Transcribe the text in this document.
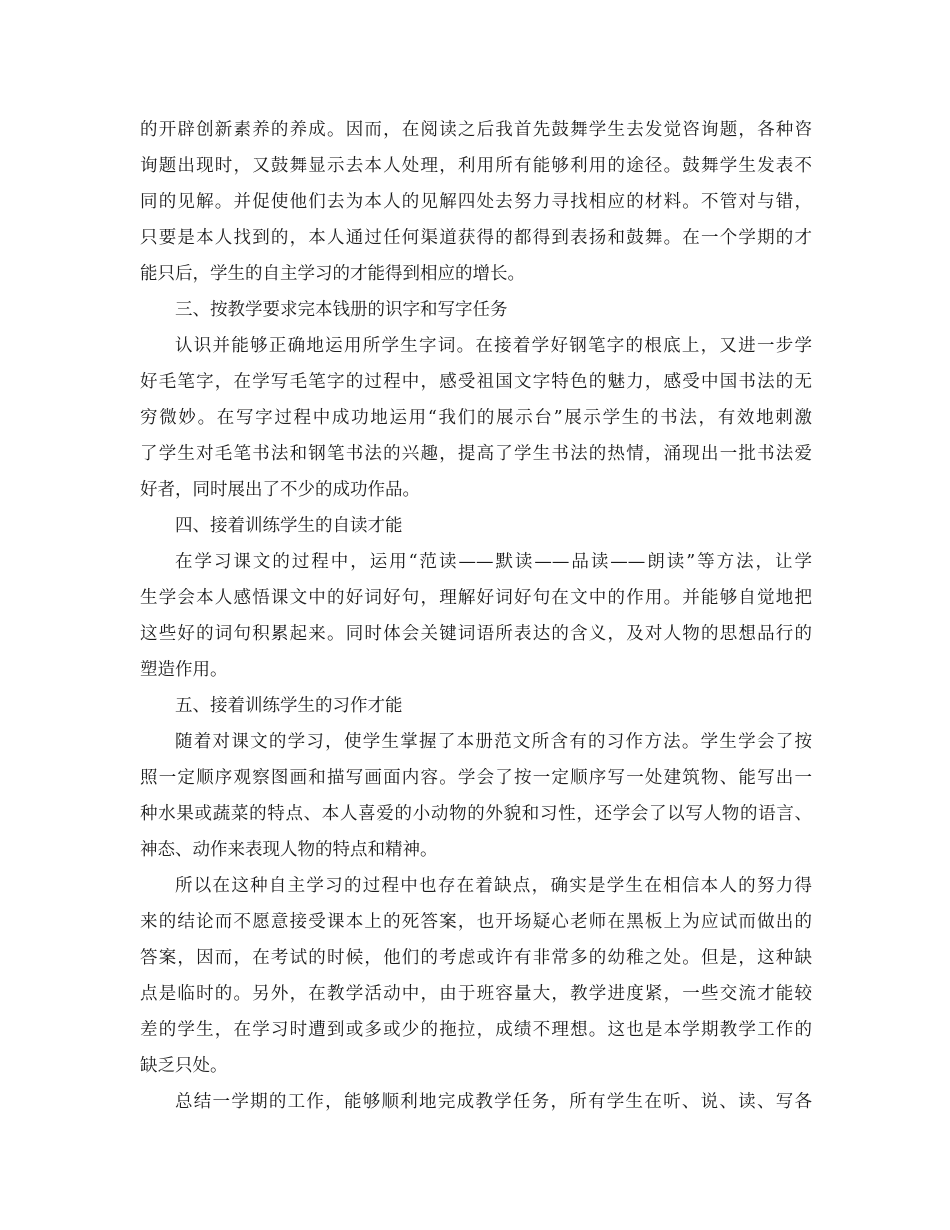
的开辟创新素养的养成。因而，在阅读之后我首先鼓舞学生去发觉咨询题，各种咨
询题出现时，又鼓舞显示去本人处理，利用所有能够利用的途径。鼓舞学生发表不
同的见解。并促使他们去为本人的见解四处去努力寻找相应的材料。不管对与错，
只要是本人找到的，本人通过任何渠道获得的都得到表扬和鼓舞。在一个学期的才
能只后，学生的自主学习的才能得到相应的增长。
三、按教学要求完本钱册的识字和写字任务
认识并能够正确地运用所学生字词。在接着学好钢笔字的根底上，又进一步学
好毛笔字，在学写毛笔字的过程中，感受祖国文字特色的魅力，感受中国书法的无
穷微妙。在写字过程中成功地运用“我们的展示台”展示学生的书法，有效地刺激
了学生对毛笔书法和钢笔书法的兴趣，提高了学生书法的热情，涌现出一批书法爱
好者，同时展出了不少的成功作品。
四、接着训练学生的自读才能
在学习课文的过程中，运用“范读——默读——品读——朗读”等方法，让学
生学会本人感悟课文中的好词好句，理解好词好句在文中的作用。并能够自觉地把
这些好的词句积累起来。同时体会关键词语所表达的含义，及对人物的思想品行的
塑造作用。
五、接着训练学生的习作才能
随着对课文的学习，使学生掌握了本册范文所含有的习作方法。学生学会了按
照一定顺序观察图画和描写画面内容。学会了按一定顺序写一处建筑物、能写出一
种水果或蔬菜的特点、本人喜爱的小动物的外貌和习性，还学会了以写人物的语言、
神态、动作来表现人物的特点和精神。
所以在这种自主学习的过程中也存在着缺点，确实是学生在相信本人的努力得
来的结论而不愿意接受课本上的死答案，也开场疑心老师在黑板上为应试而做出的
答案，因而，在考试的时候，他们的考虑或许有非常多的幼稚之处。但是，这种缺
点是临时的。另外，在教学活动中，由于班容量大，教学进度紧，一些交流才能较
差的学生，在学习时遭到或多或少的拖拉，成绩不理想。这也是本学期教学工作的
缺乏只处。
总结一学期的工作，能够顺利地完成教学任务，所有学生在听、说、读、写各
